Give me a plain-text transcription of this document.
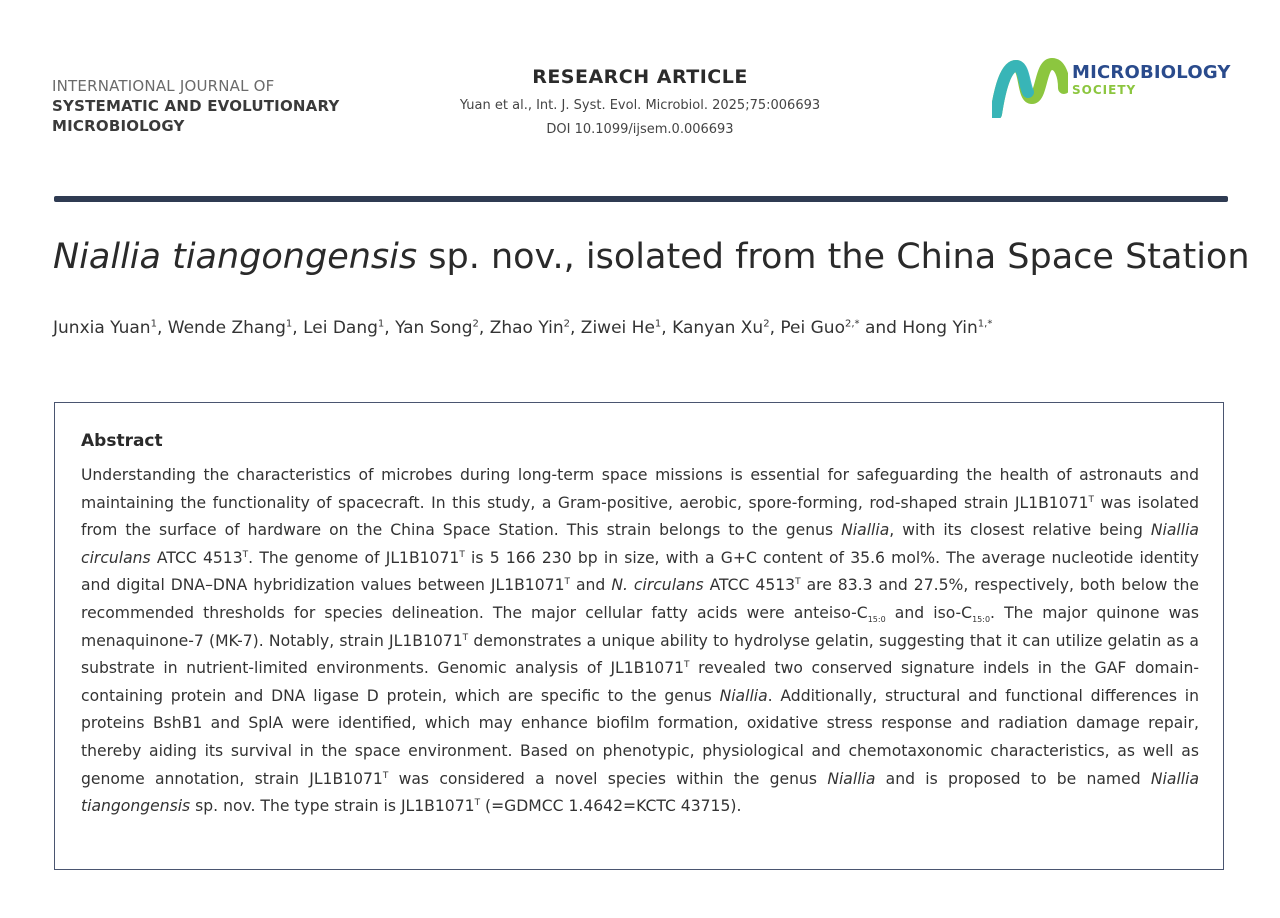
INTERNATIONAL JOURNAL OF
SYSTEMATIC AND EVOLUTIONARY
MICROBIOLOGY
RESEARCH ARTICLE
Yuan et al., Int. J. Syst. Evol. Microbiol. 2025;75:006693
DOI 10.1099/ijsem.0.006693
MICROBIOLOGY
SOCIETY
Niallia tiangongensis sp. nov., isolated from the China Space Station
Junxia Yuan$^1$, Wende Zhang$^1$, Lei Dang$^1$, Yan Song$^2$, Zhao Yin$^2$, Ziwei He$^1$, Kanyan Xu$^2$, Pei Guo$^{2,*}$ and Hong Yin$^{1,*}$
Abstract
Understanding the characteristics of microbes during long-term space missions is essential for safeguarding the health of astronauts and maintaining the functionality of spacecraft. In this study, a Gram-positive, aerobic, spore-forming, rod-shaped strain $JL1B1071^T$ was isolated from the surface of hardware on the China Space Station. This strain belongs to the genus Niallia, with its closest relative being Niallia circulans ATCC $4513^T$. The genome of $JL1B1071^T$ is 5 166 230 bp in size, with a G+C content of 35.6 mol%. The average nucleotide identity and digital DNA–DNA hybridization values between $JL1B1071^T$ and N. circulans ATCC $4513^T$ are 83.3 and 27.5%, respectively, both below the recommended thresholds for species delineation. The major cellular fatty acids were anteiso-$C_{15:0}$ and iso-$C_{15:0}$. The major quinone was menaquinone-7 (MK-7). Notably, strain $JL1B1071^T$ demonstrates a unique ability to hydrolyse gelatin, suggesting that it can utilize gelatin as a substrate in nutrient-limited environments. Genomic analysis of $JL1B1071^T$ revealed two conserved signature indels in the GAF domain-containing protein and DNA ligase D protein, which are specific to the genus Niallia. Additionally, structural and functional differences in proteins BshB1 and SplA were identified, which may enhance biofilm formation, oxidative stress response and radiation damage repair, thereby aiding its survival in the space environment. Based on phenotypic, physiological and chemotaxonomic characteristics, as well as genome annotation, strain $JL1B1071^T$ was considered a novel species within the genus Niallia and is proposed to be named Niallia tiangongensis sp. nov. The type strain is $JL1B1071^T$ (=GDMCC 1.4642=KCTC 43715).
